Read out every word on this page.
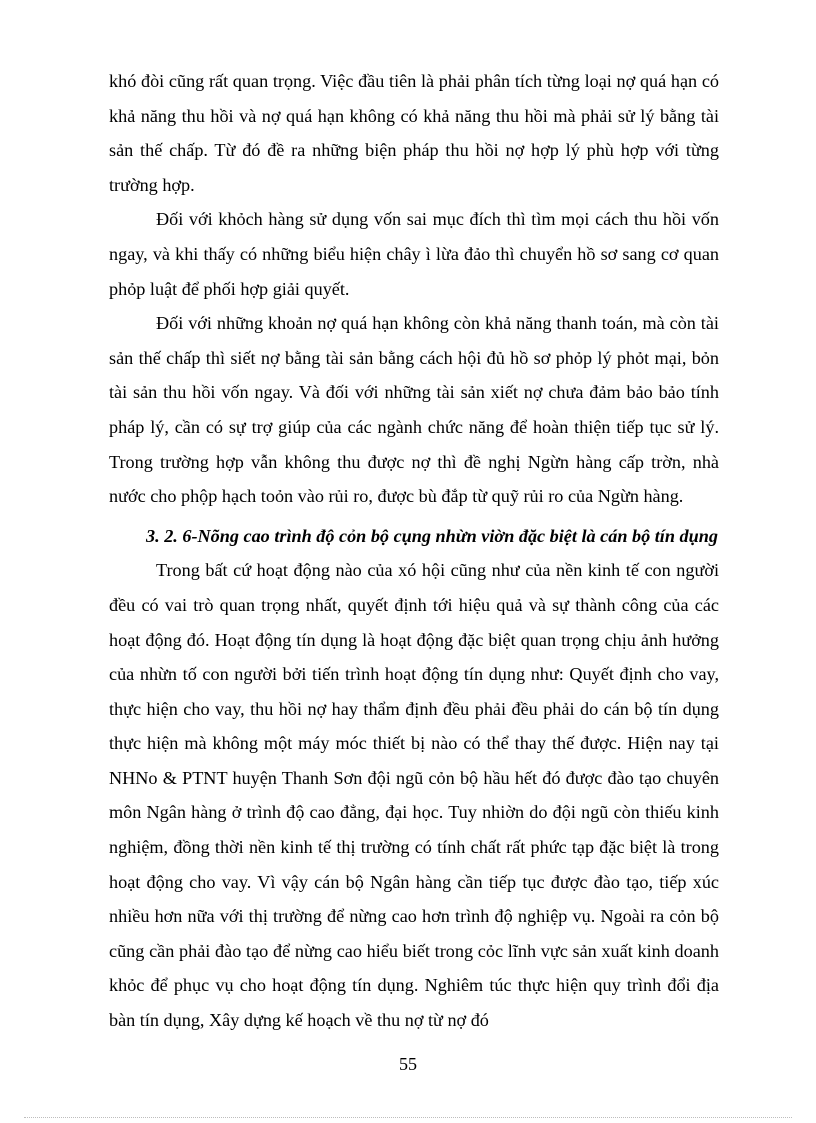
khó đòi cũng rất quan trọng. Việc đầu tiên là phải phân tích từng loại nợ quá hạn có khả năng thu hồi và nợ quá hạn không có khả năng thu hồi mà phải sử lý bằng tài sản thế chấp. Từ đó đề ra những biện pháp thu hồi nợ hợp lý phù hợp với từng trường hợp.

Đối với khỏch hàng sử dụng vốn sai mục đích thì tìm mọi cách thu hồi vốn ngay, và khi thấy có những biểu hiện chây ì lừa đảo thì chuyển hồ sơ sang cơ quan phỏp luật để phối hợp giải quyết.

Đối với những khoản nợ quá hạn không còn khả năng thanh toán, mà còn tài sản thế chấp thì siết nợ bằng tài sản bằng cách hội đủ hồ sơ phỏp lý phỏt mại, bỏn tài sản thu hồi vốn ngay. Và đối với những tài sản xiết nợ chưa đảm bảo bảo tính pháp lý, cần có sự trợ giúp của các ngành chức năng để hoàn thiện tiếp tục sử lý. Trong trường hợp vẫn không thu được nợ thì đề nghị Ngừn hàng cấp trờn, nhà nước cho phộp hạch toỏn vào rủi ro, được bù đắp từ quỹ rủi ro của Ngừn hàng.

3. 2. 6-Nõng cao trình độ cỏn bộ cụng nhừn viờn đặc biệt là cán bộ tín dụng

Trong bất cứ hoạt động nào của xó hội cũng như của nền kinh tế con người đều có vai trò quan trọng nhất, quyết định tới hiệu quả và sự thành công của các hoạt động đó. Hoạt động tín dụng là hoạt động đặc biệt quan trọng chịu ảnh hưởng của nhừn tố con người bởi tiến trình hoạt động tín dụng như: Quyết định cho vay, thực hiện cho vay, thu hồi nợ hay thẩm định đều phải đều phải do cán bộ tín dụng thực hiện mà không một máy móc thiết bị nào có thể thay thế được. Hiện nay tại NHNo & PTNT huyện Thanh Sơn đội ngũ cỏn bộ hầu hết đó được đào tạo chuyên môn Ngân hàng ở trình độ cao đẳng, đại học. Tuy nhiờn do đội ngũ còn thiếu kinh nghiệm, đồng thời nền kinh tế thị trường có tính chất rất phức tạp đặc biệt là trong hoạt động cho vay. Vì vậy cán bộ Ngân hàng cần tiếp tục được đào tạo, tiếp xúc nhiều hơn nữa với thị trường để nừng cao hơn trình độ nghiệp vụ. Ngoài ra cỏn bộ cũng cần phải đào tạo để nừng cao hiểu biết trong cỏc lĩnh vực sản xuất kinh doanh khỏc để phục vụ cho hoạt động tín dụng. Nghiêm túc thực hiện quy trình đổi địa bàn tín dụng, Xây dựng kế hoạch về thu nợ từ nợ đó

55
